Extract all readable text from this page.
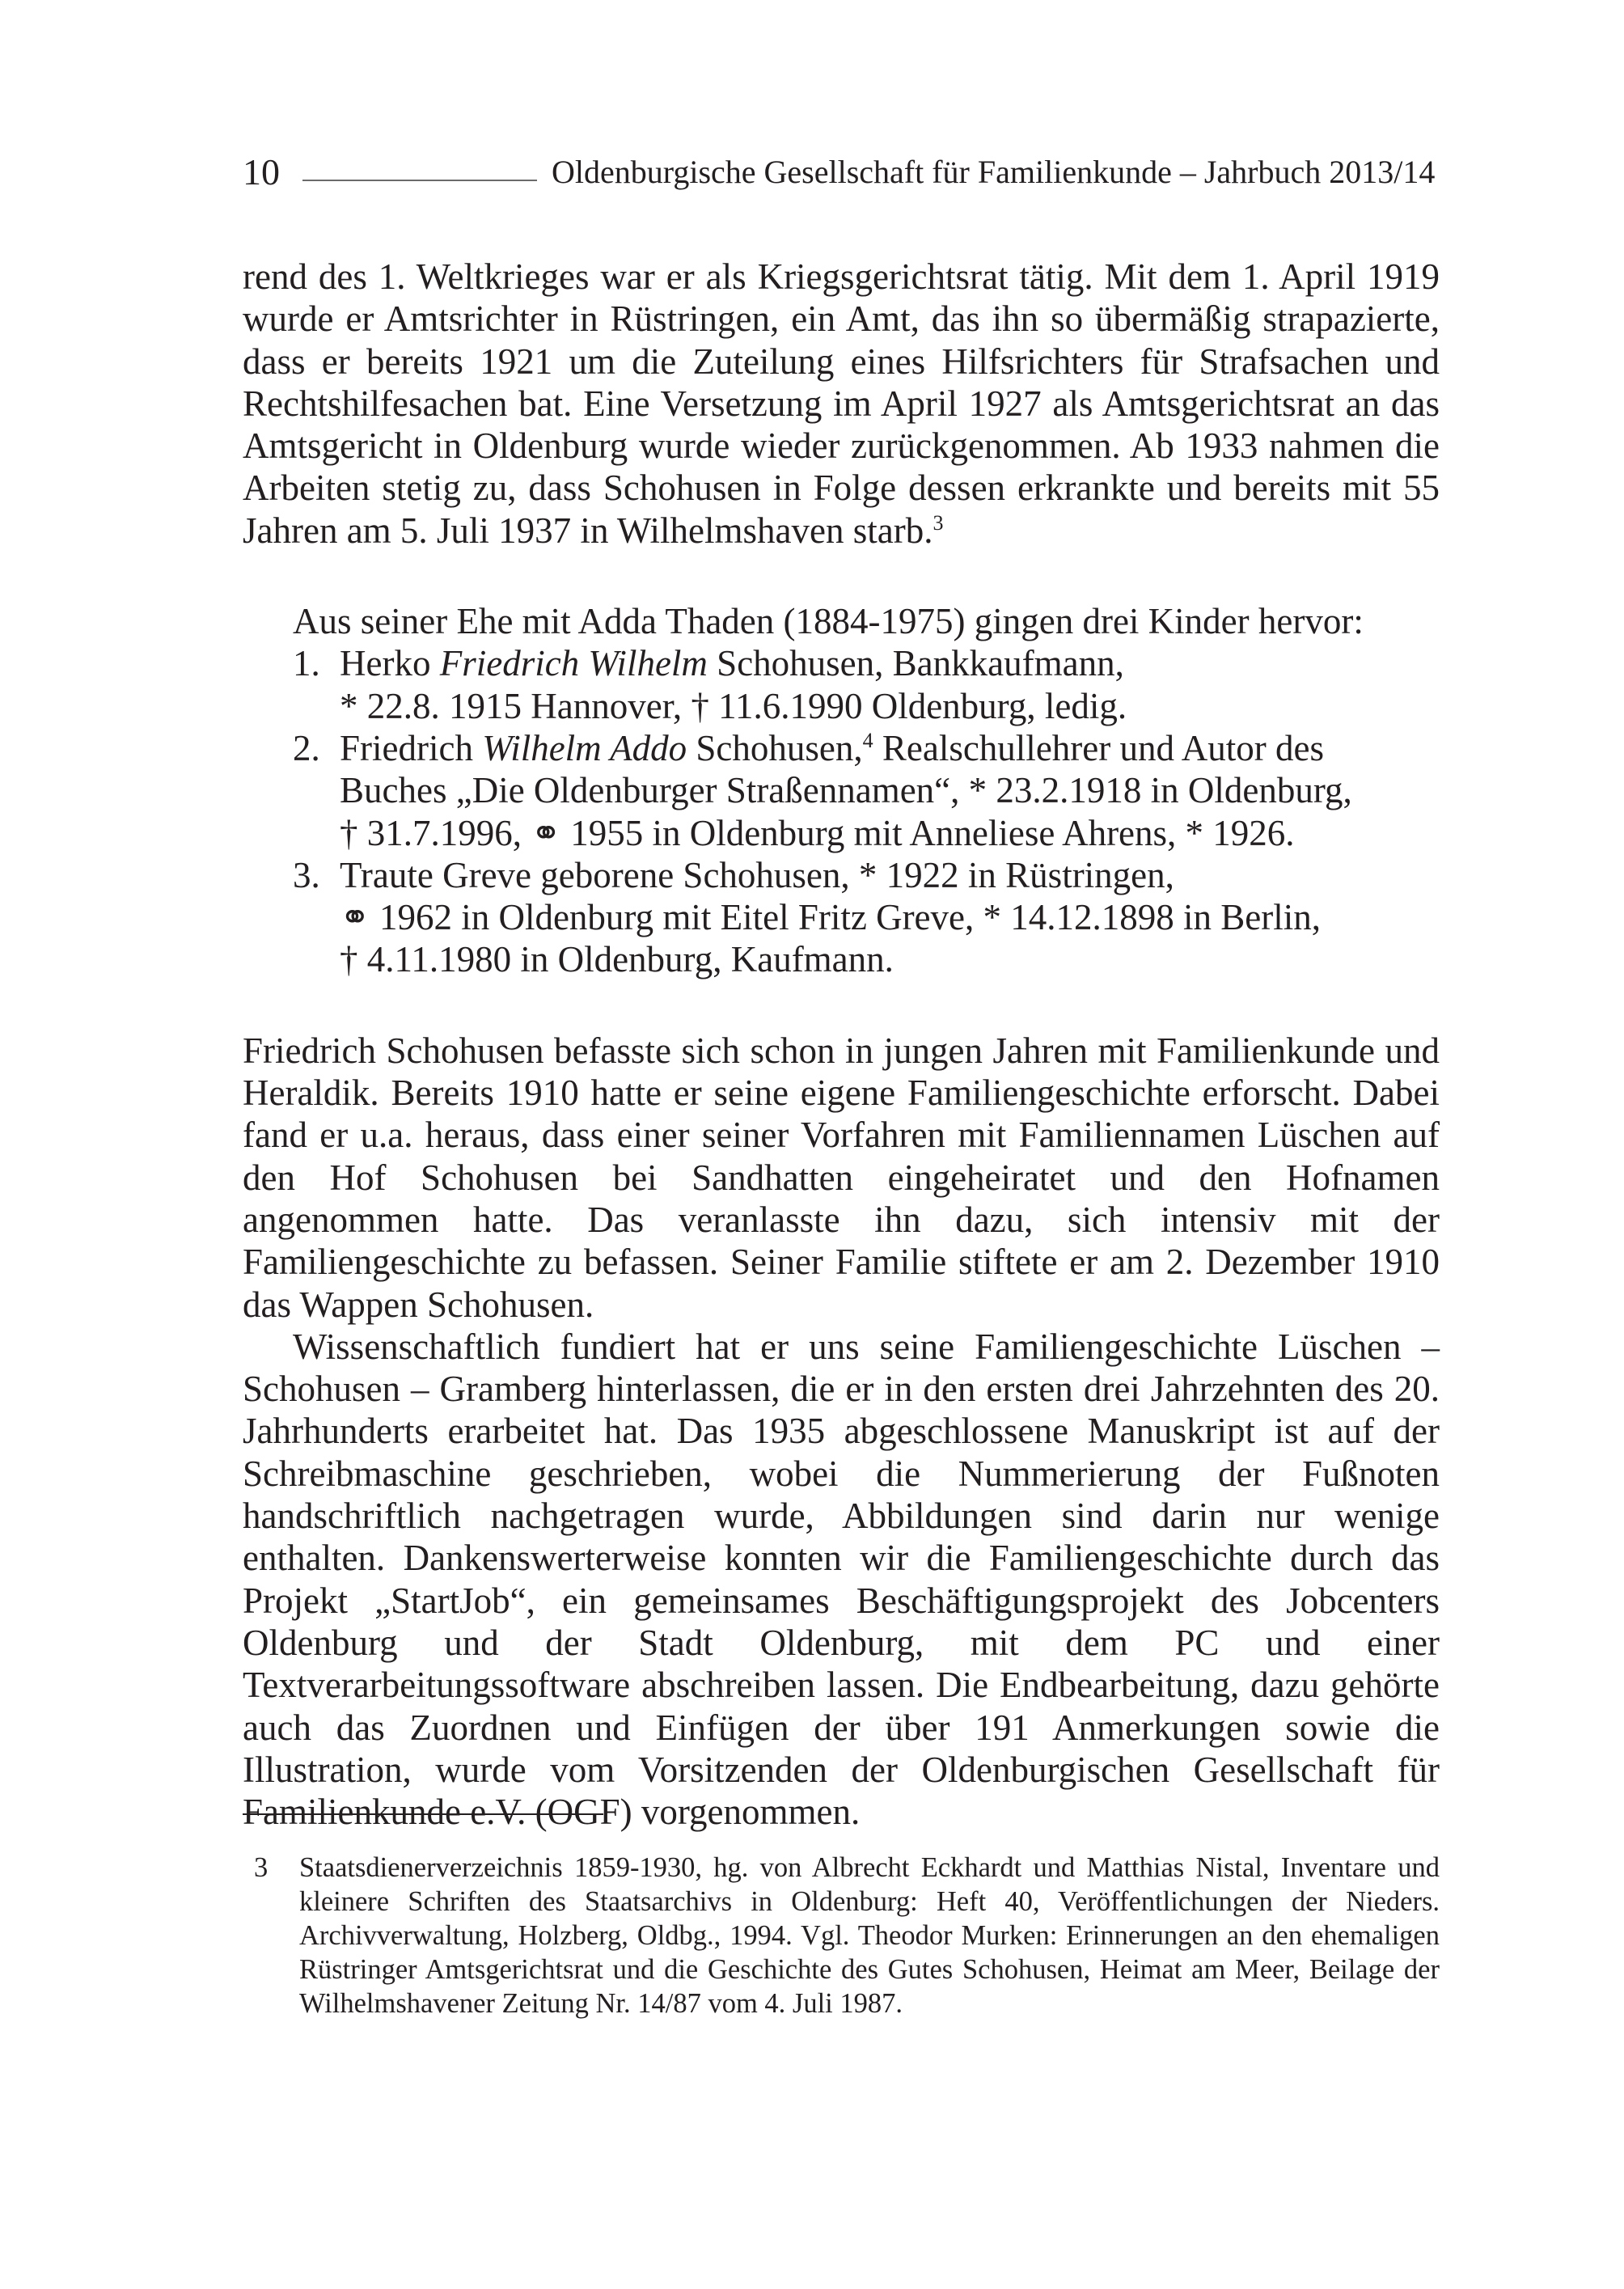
10	Oldenburgische Gesellschaft für Familienkunde – Jahrbuch 2013/14

rend des 1. Weltkrieges war er als Kriegsgerichtsrat tätig. Mit dem 1. April 1919 wurde er Amtsrichter in Rüstringen, ein Amt, das ihn so übermäßig strapazierte, dass er bereits 1921 um die Zuteilung eines Hilfsrichters für Strafsachen und Rechtshilfesachen bat. Eine Versetzung im April 1927 als Amtsgerichtsrat an das Amtsgericht in Oldenburg wurde wieder zurückgenommen. Ab 1933 nahmen die Arbeiten stetig zu, dass Schohusen in Folge dessen erkrankte und bereits mit 55 Jahren am 5. Juli 1937 in Wilhelmshaven starb.$^3$

Aus seiner Ehe mit Adda Thaden (1884-1975) gingen drei Kinder hervor:

1. Herko Friedrich Wilhelm Schohusen, Bankkaufmann,
* 22.8. 1915 Hannover, † 11.6.1990 Oldenburg, ledig.
2. Friedrich Wilhelm Addo Schohusen,$^4$ Realschullehrer und Autor des
Buches „Die Oldenburger Straßennamen“, * 23.2.1918 in Oldenburg,
† 31.7.1996, ⚭ 1955 in Oldenburg mit Anneliese Ahrens, * 1926.
3. Traute Greve geborene Schohusen, * 1922 in Rüstringen,
⚭ 1962 in Oldenburg mit Eitel Fritz Greve, * 14.12.1898 in Berlin,
† 4.11.1980 in Oldenburg, Kaufmann.

Friedrich Schohusen befasste sich schon in jungen Jahren mit Familienkunde und Heraldik. Bereits 1910 hatte er seine eigene Familiengeschichte erforscht. Dabei fand er u.a. heraus, dass einer seiner Vorfahren mit Familiennamen Lüschen auf den Hof Schohusen bei Sandhatten eingeheiratet und den Hofnamen angenommen hatte. Das veranlasste ihn dazu, sich intensiv mit der Familiengeschichte zu befassen. Seiner Familie stiftete er am 2. Dezember 1910 das Wappen Schohusen.

Wissenschaftlich fundiert hat er uns seine Familiengeschichte Lüschen – Schohusen – Gramberg hinterlassen, die er in den ersten drei Jahrzehnten des 20. Jahrhunderts erarbeitet hat. Das 1935 abgeschlossene Manuskript ist auf der Schreibmaschine geschrieben, wobei die Nummerierung der Fußnoten handschriftlich nachgetragen wurde, Abbildungen sind darin nur wenige enthalten. Dankenswerterweise konnten wir die Familiengeschichte durch das Projekt „StartJob“, ein gemeinsames Beschäftigungsprojekt des Jobcenters Oldenburg und der Stadt Oldenburg, mit dem PC und einer Textverarbeitungssoftware abschreiben lassen. Die Endbearbeitung, dazu gehörte auch das Zuordnen und Einfügen der über 191 Anmerkungen sowie die Illustration, wurde vom Vorsitzenden der Oldenburgischen Gesellschaft für Familienkunde e.V. (OGF) vorgenommen.

3 Staatsdienerverzeichnis 1859-1930, hg. von Albrecht Eckhardt und Matthias Nistal, Inventare und kleinere Schriften des Staatsarchivs in Oldenburg: Heft 40, Veröffentlichungen der Nieders. Archivverwaltung, Holzberg, Oldbg., 1994. Vgl. Theodor Murken: Erinnerungen an den ehemaligen Rüstringer Amtsgerichtsrat und die Geschichte des Gutes Schohusen, Heimat am Meer, Beilage der Wilhelmshavener Zeitung Nr. 14/87 vom 4. Juli 1987.
